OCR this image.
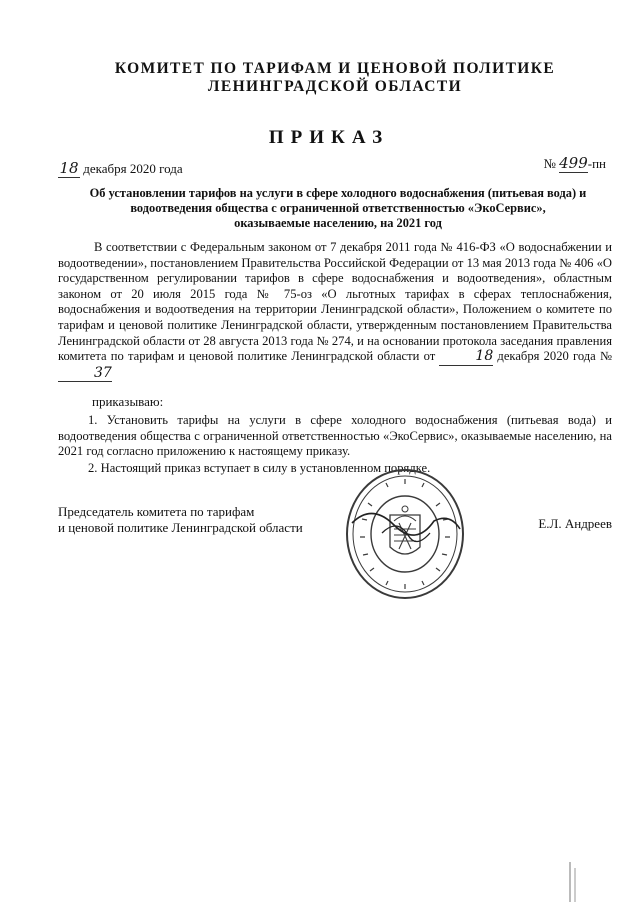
КОМИТЕТ ПО ТАРИФАМ И ЦЕНОВОЙ ПОЛИТИКЕ
ЛЕНИНГРАДСКОЙ ОБЛАСТИ
ПРИКАЗ
18 декабря 2020 года	№ 499-пн
Об установлении тарифов на услуги в сфере холодного водоснабжения (питьевая вода) и
водоотведения общества с ограниченной ответственностью «ЭкоСервис»,
оказываемые населению, на 2021 год

В соответствии с Федеральным законом от 7 декабря 2011 года № 416-ФЗ «О водоснабжении и водоотведении», постановлением Правительства Российской Федерации от 13 мая 2013 года № 406 «О государственном регулировании тарифов в сфере водоснабжения и водоотведения», областным законом от 20 июля 2015 года № 75-оз «О льготных тарифах в сферах теплоснабжения, водоснабжения и водоотведения на территории Ленинградской области», Положением о комитете по тарифам и ценовой политике Ленинградской области, утвержденным постановлением Правительства Ленинградской области от 28 августа 2013 года № 274, и на основании протокола заседания правления комитета по тарифам и ценовой политике Ленинградской области от	18 декабря 2020 года № 37

приказываю:

1. Установить тарифы на услуги в сфере холодного водоснабжения (питьевая вода) и водоотведения общества с ограниченной ответственностью «ЭкоСервис», оказываемые населению, на 2021 год согласно приложению к настоящему приказу.

2. Настоящий приказ вступает в силу в установленном порядке.

Председатель комитета по тарифам
и ценовой политике Ленинградской области	Е.Л. Андреев
